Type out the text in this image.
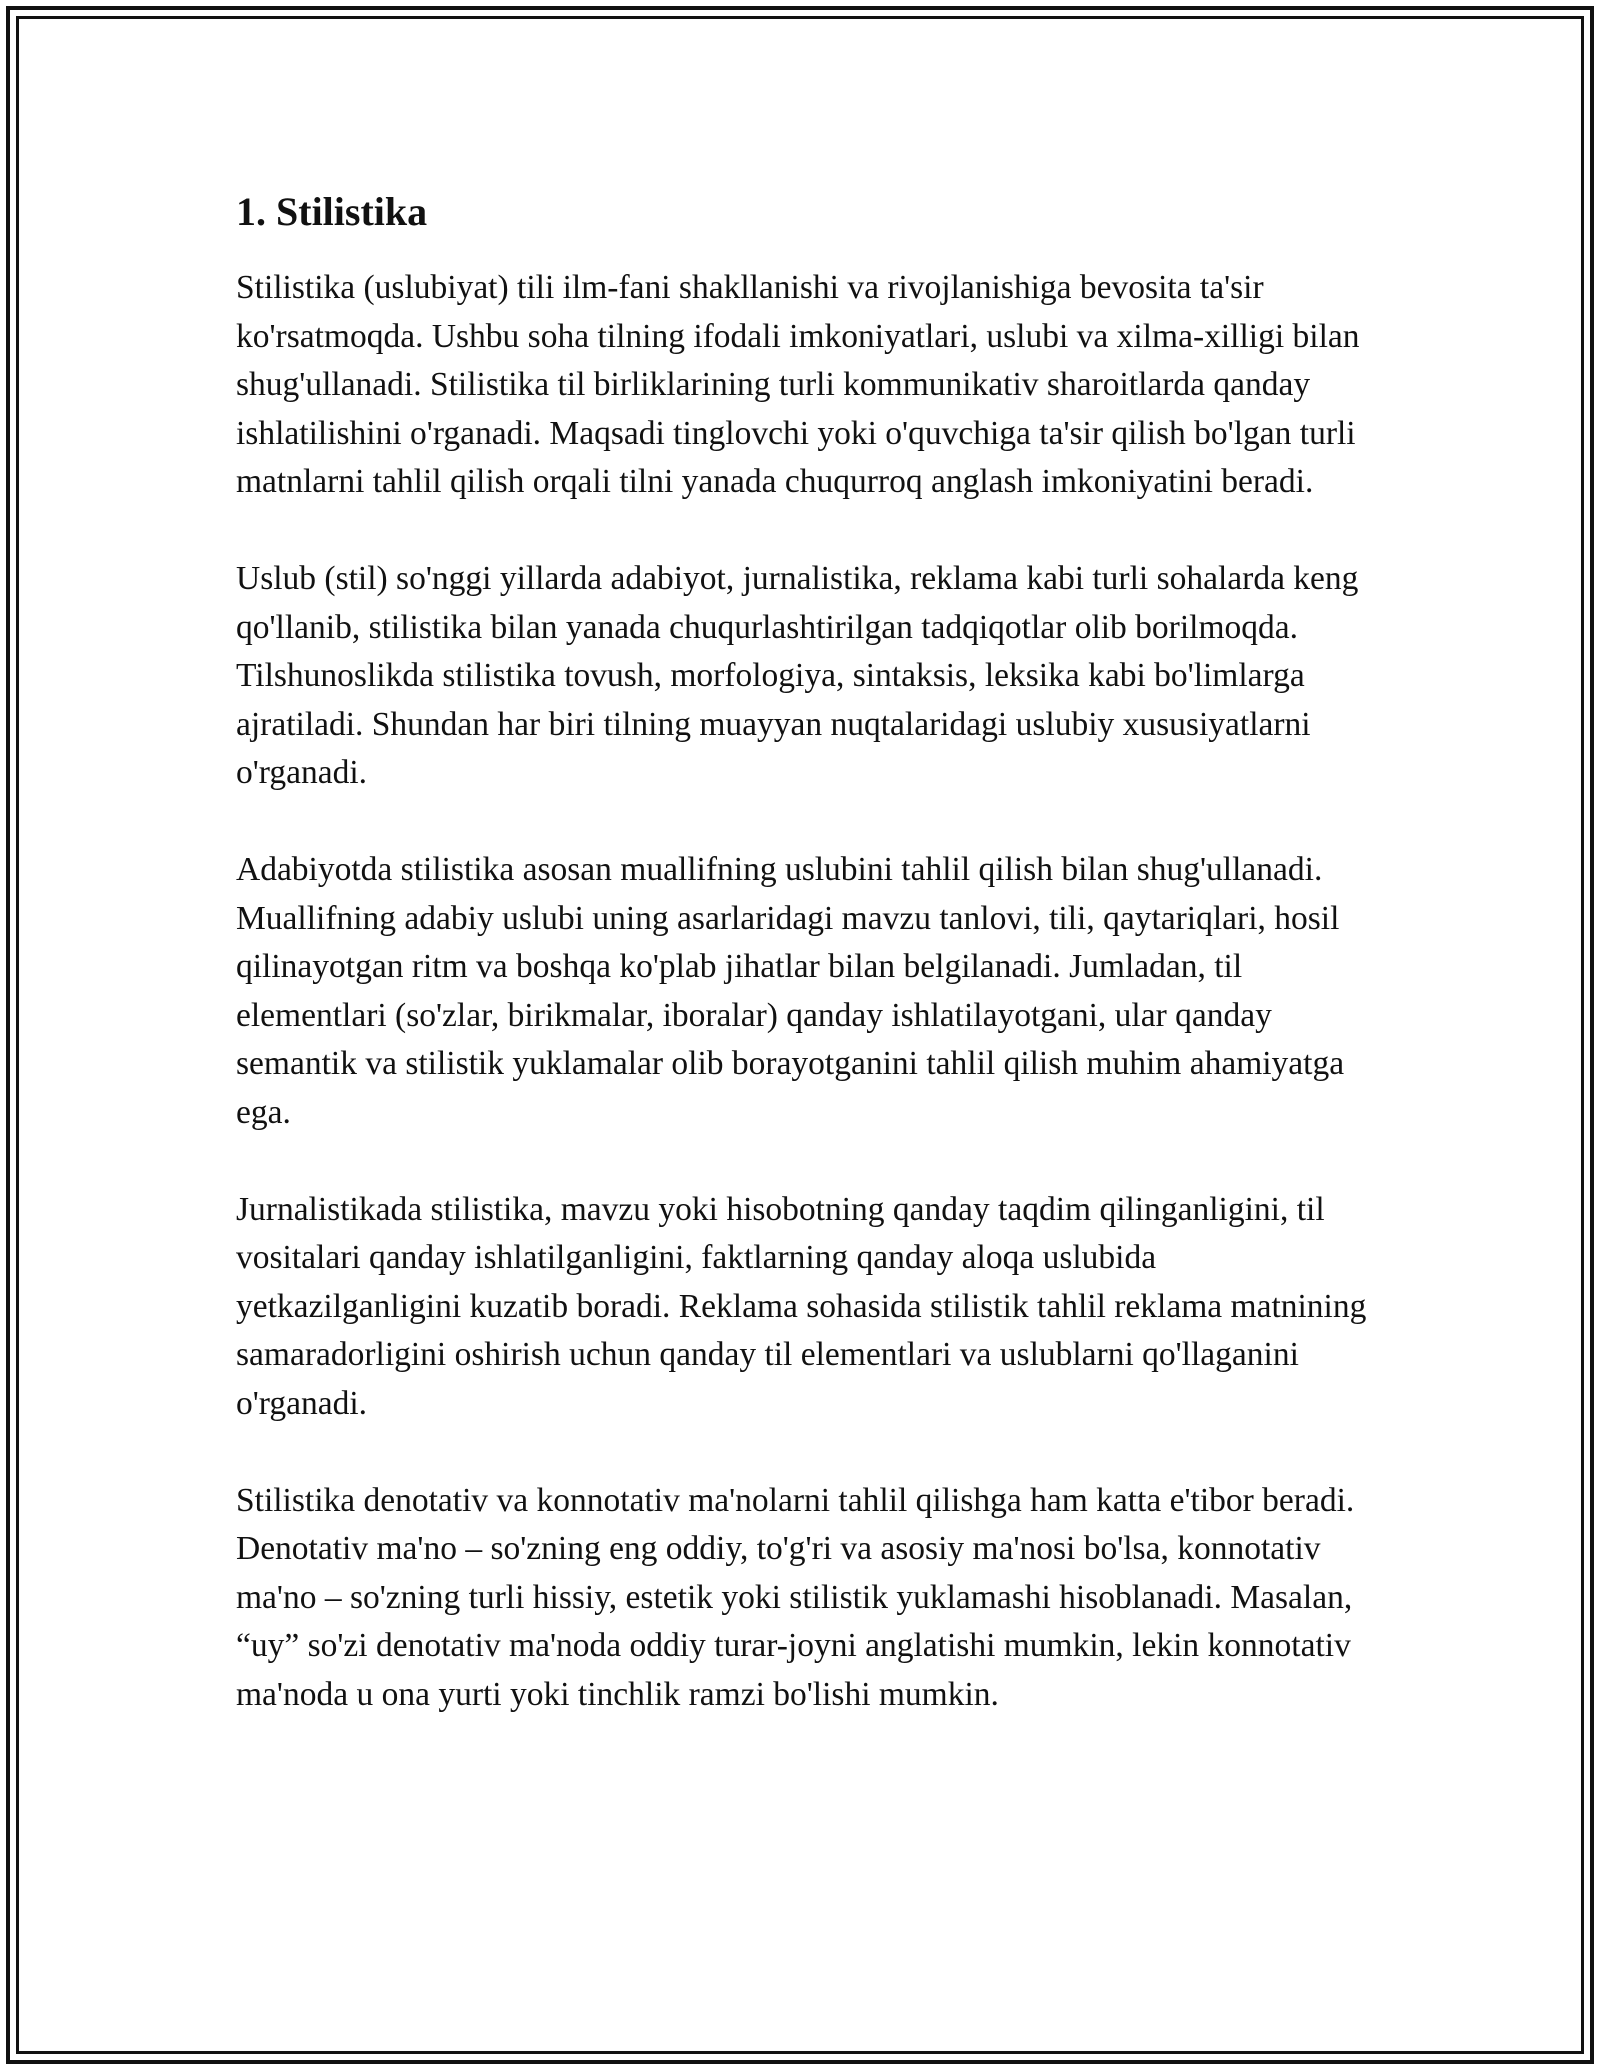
1. Stilistika

Stilistika (uslubiyat) tili ilm-fani shakllanishi va rivojlanishiga bevosita ta'sir ko'rsatmoqda. Ushbu soha tilning ifodali imkoniyatlari, uslubi va xilma-xilligi bilan shug'ullanadi. Stilistika til birliklarining turli kommunikativ sharoitlarda qanday ishlatilishini o'rganadi. Maqsadi tinglovchi yoki o'quvchiga ta'sir qilish bo'lgan turli matnlarni tahlil qilish orqali tilni yanada chuqurroq anglash imkoniyatini beradi.

Uslub (stil) so'nggi yillarda adabiyot, jurnalistika, reklama kabi turli sohalarda keng qo'llanib, stilistika bilan yanada chuqurlashtirilgan tadqiqotlar olib borilmoqda. Tilshunoslikda stilistika tovush, morfologiya, sintaksis, leksika kabi bo'limlarga ajratiladi. Shundan har biri tilning muayyan nuqtalaridagi uslubiy xususiyatlarni o'rganadi.

Adabiyotda stilistika asosan muallifning uslubini tahlil qilish bilan shug'ullanadi. Muallifning adabiy uslubi uning asarlaridagi mavzu tanlovi, tili, qaytariqlari, hosil qilinayotgan ritm va boshqa ko'plab jihatlar bilan belgilanadi. Jumladan, til elementlari (so'zlar, birikmalar, iboralar) qanday ishlatilayotgani, ular qanday semantik va stilistik yuklamalar olib borayotganini tahlil qilish muhim ahamiyatga ega.

Jurnalistikada stilistika, mavzu yoki hisobotning qanday taqdim qilinganligini, til vositalari qanday ishlatilganligini, faktlarning qanday aloqa uslubida yetkazilganligini kuzatib boradi. Reklama sohasida stilistik tahlil reklama matnining samaradorligini oshirish uchun qanday til elementlari va uslublarni qo'llaganini o'rganadi.

Stilistika denotativ va konnotativ ma'nolarni tahlil qilishga ham katta e'tibor beradi. Denotativ ma'no – so'zning eng oddiy, to'g'ri va asosiy ma'nosi bo'lsa, konnotativ ma'no – so'zning turli hissiy, estetik yoki stilistik yuklamashi hisoblanadi. Masalan, “uy” so'zi denotativ ma'noda oddiy turar-joyni anglatishi mumkin, lekin konnotativ ma'noda u ona yurti yoki tinchlik ramzi bo'lishi mumkin.
